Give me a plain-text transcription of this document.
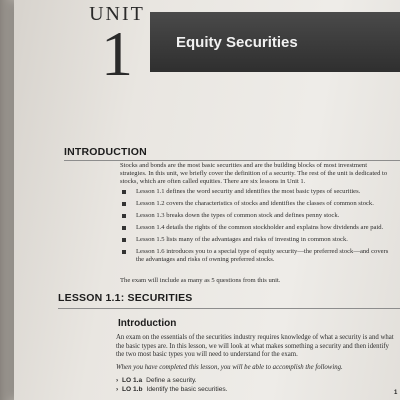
UNIT
1	Equity Securities
INTRODUCTION
Stocks and bonds are the most basic securities and are the building blocks of most investment strategies. In this unit, we briefly cover the definition of a security. The rest of the unit is dedicated to stocks, which are often called equities. There are six lessons in Unit 1.
Lesson 1.1 defines the word security and identifies the most basic types of securities.
Lesson 1.2 covers the characteristics of stocks and identifies the classes of common stock.
Lesson 1.3 breaks down the types of common stock and defines penny stock.
Lesson 1.4 details the rights of the common stockholder and explains how dividends are paid.
Lesson 1.5 lists many of the advantages and risks of investing in common stock.
Lesson 1.6 introduces you to a special type of equity security—the preferred stock—and covers the advantages and risks of owning preferred stocks.
The exam will include as many as 5 questions from this unit.
LESSON 1.1: SECURITIES
Introduction
An exam on the essentials of the securities industry requires knowledge of what a security is and what the basic types are. In this lesson, we will look at what makes something a security and then identify the two most basic types you will need to understand for the exam.
When you have completed this lesson, you will be able to accomplish the following.
› LO 1.a Define a security.
› LO 1.b Identify the basic securities.	1
